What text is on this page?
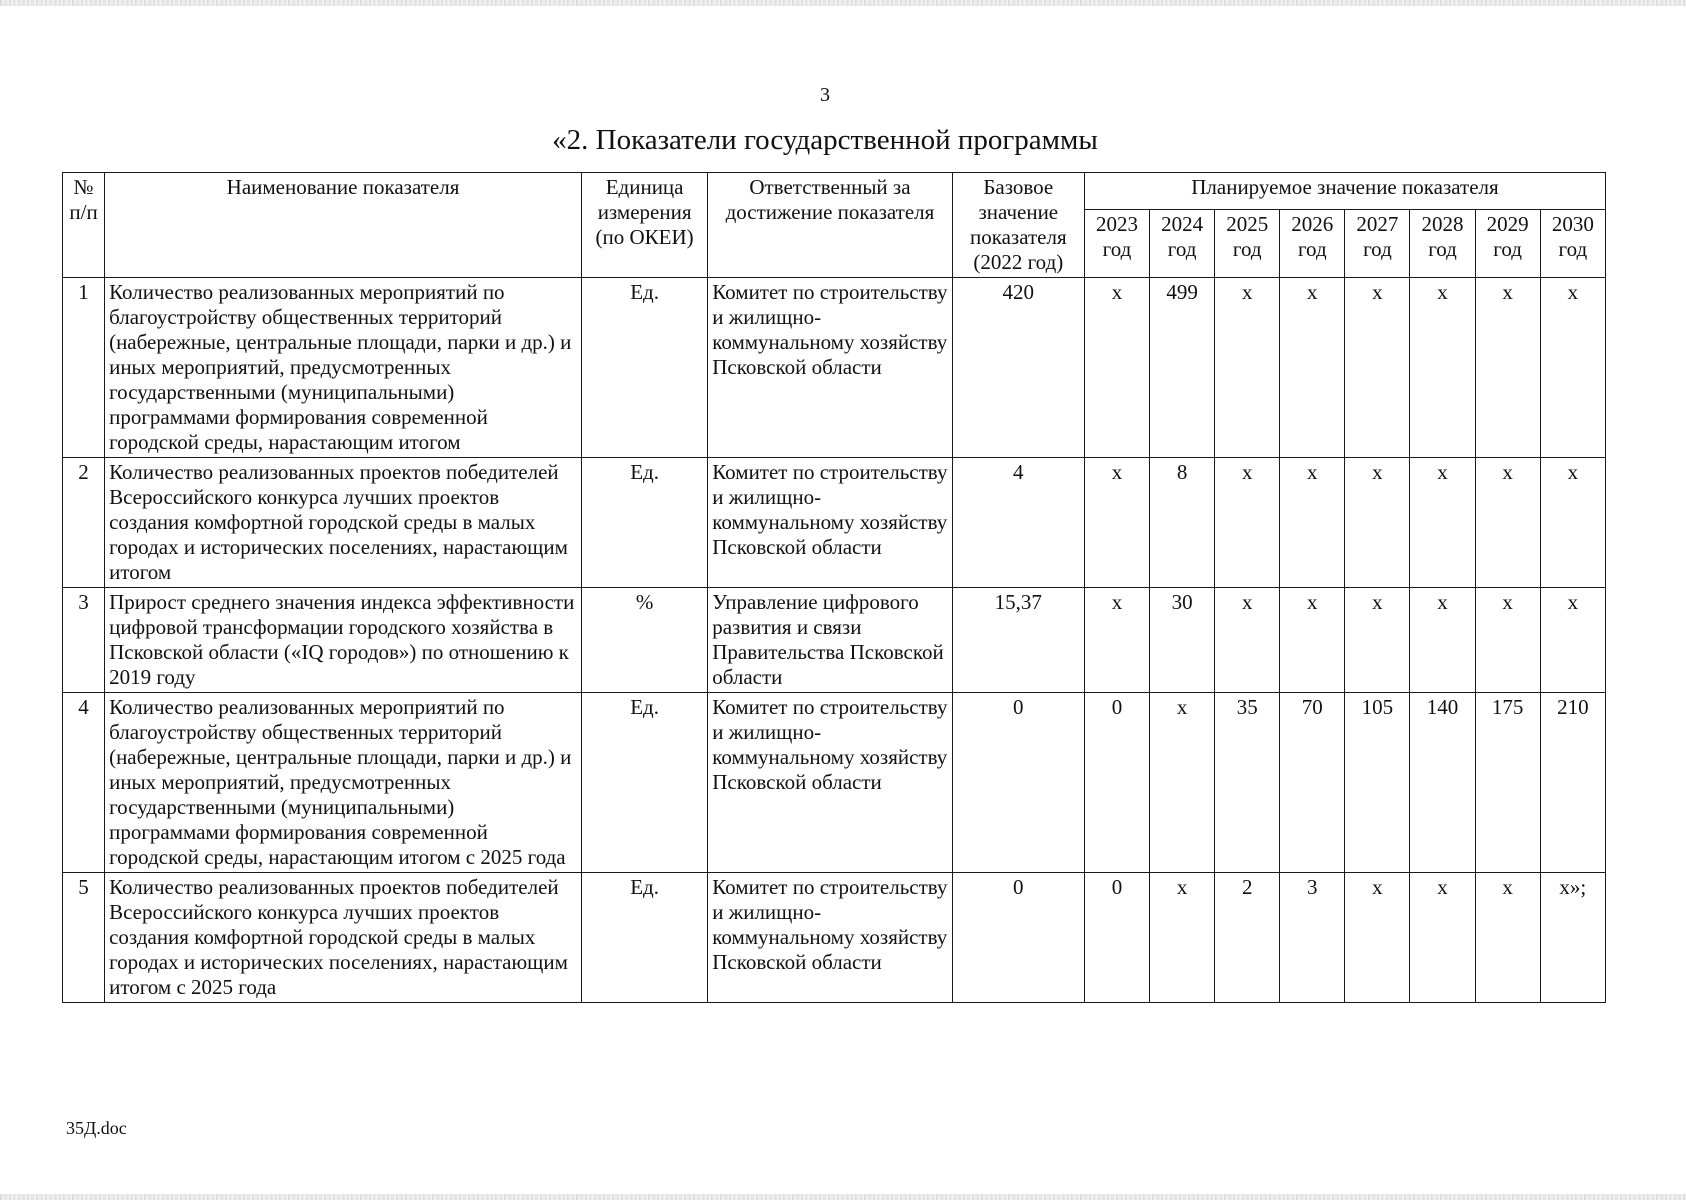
3
«2. Показатели государственной программы
№ п/п	Наименование показателя	Единица измерения (по ОКЕИ)	Ответственный за достижение показателя	Базовое значение показателя (2022 год)	Планируемое значение показателя							
					2023 год	2024 год	2025 год	2026 год	2027 год	2028 год	2029 год	2030 год
1	Количество реализованных мероприятий по благоустройству общественных территорий (набережные, центральные площади, парки и др.) и иных мероприятий, предусмотренных государственными (муниципальными) программами формирования современной городской среды, нарастающим итогом	Ед.	Комитет по строительству и жилищно-коммунальному хозяйству Псковской области	420	х	499	х	х	х	х	х	х
2	Количество реализованных проектов победителей Всероссийского конкурса лучших проектов создания комфортной городской среды в малых городах и исторических поселениях, нарастающим итогом	Ед.	Комитет по строительству и жилищно-коммунальному хозяйству Псковской области	4	х	8	х	х	х	х	х	х
3	Прирост среднего значения индекса эффективности цифровой трансформации городского хозяйства в Псковской области («IQ городов») по отношению к 2019 году	%	Управление цифрового развития и связи Правительства Псковской области	15,37	х	30	х	х	х	х	х	х
4	Количество реализованных мероприятий по благоустройству общественных территорий (набережные, центральные площади, парки и др.) и иных мероприятий, предусмотренных государственными (муниципальными) программами формирования современной городской среды, нарастающим итогом с 2025 года	Ед.	Комитет по строительству и жилищно-коммунальному хозяйству Псковской области	0	0	х	35	70	105	140	175	210
5	Количество реализованных проектов победителей Всероссийского конкурса лучших проектов создания комфортной городской среды в малых городах и исторических поселениях, нарастающим итогом с 2025 года	Ед.	Комитет по строительству и жилищно-коммунальному хозяйству Псковской области	0	0	х	2	3	х	х	х	х»;
35Д.doc
